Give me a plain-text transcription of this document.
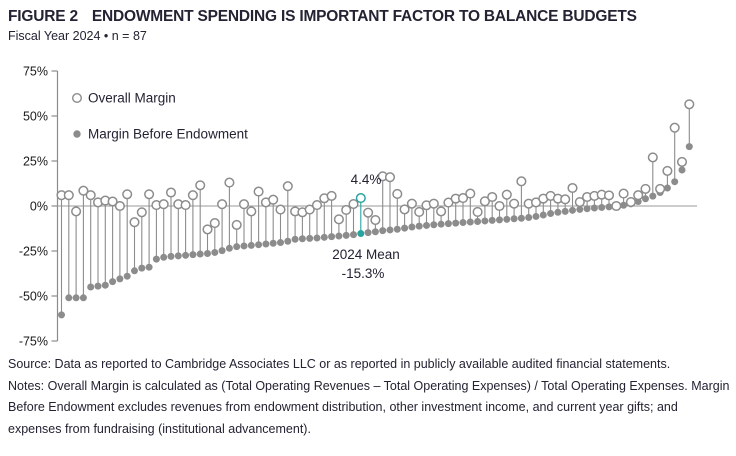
FIGURE 2 ENDOWMENT SPENDING IS IMPORTANT FACTOR TO BALANCE BUDGETS
Fiscal Year 2024 • n = 87
75%
50%
25%
0%
-25%
-50%
-75%
Overall Margin
Margin Before Endowment
4.4%
2024 Mean
-15.3%

Source: Data as reported to Cambridge Associates LLC or as reported in publicly available audited financial statements.

Notes: Overall Margin is calculated as (Total Operating Revenues – Total Operating Expenses) / Total Operating Expenses. Margin Before Endowment excludes revenues from endowment distribution, other investment income, and current year gifts; and expenses from fundraising (institutional advancement).
